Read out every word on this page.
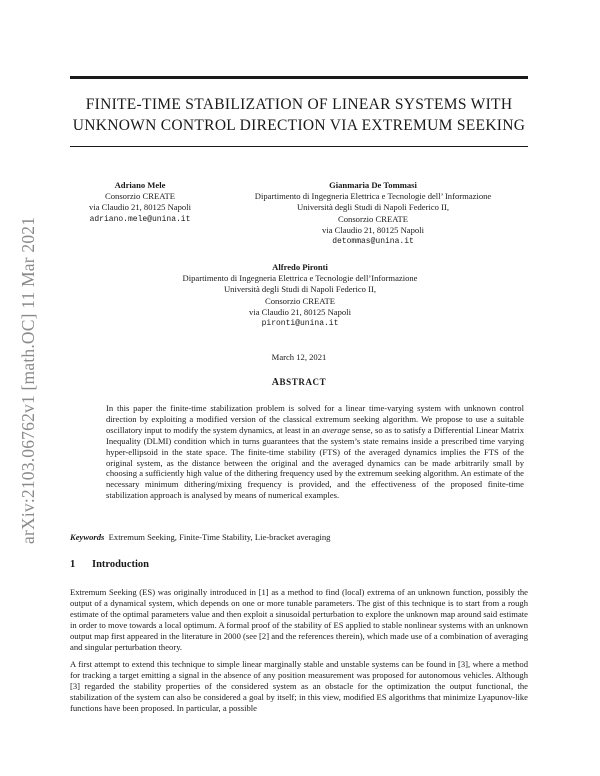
arXiv:2103.06762v1 [math.OC] 11 Mar 2021
FINITE-TIME STABILIZATION OF LINEAR SYSTEMS WITH
UNKNOWN CONTROL DIRECTION VIA EXTREMUM SEEKING
Adriano Mele
Consorzio CREATE
via Claudio 21, 80125 Napoli
adriano.mele@unina.it
Gianmaria De Tommasi
Dipartimento di Ingegneria Elettrica e Tecnologie dell’ Informazione
Università degli Studi di Napoli Federico II,
Consorzio CREATE
via Claudio 21, 80125 Napoli
detommas@unina.it
Alfredo Pironti
Dipartimento di Ingegneria Elettrica e Tecnologie dell’Informazione
Università degli Studi di Napoli Federico II,
Consorzio CREATE
via Claudio 21, 80125 Napoli
pironti@unina.it
March 12, 2021
ABSTRACT
In this paper the finite-time stabilization problem is solved for a linear time-varying system with unknown control direction by exploiting a modified version of the classical extremum seeking algorithm. We propose to use a suitable oscillatory input to modify the system dynamics, at least in an average sense, so as to satisfy a Differential Linear Matrix Inequality (DLMI) condition which in turns guarantees that the system’s state remains inside a prescribed time varying hyper-ellipsoid in the state space. The finite-time stability (FTS) of the averaged dynamics implies the FTS of the original system, as the distance between the original and the averaged dynamics can be made arbitrarily small by choosing a sufficiently high value of the dithering frequency used by the extremum seeking algorithm. An estimate of the necessary minimum dithering/mixing frequency is provided, and the effectiveness of the proposed finite-time stabilization approach is analysed by means of numerical examples.
Keywords Extremum Seeking, Finite-Time Stability, Lie-bracket averaging
1 Introduction
Extremum Seeking (ES) was originally introduced in [1] as a method to find (local) extrema of an unknown function, possibly the output of a dynamical system, which depends on one or more tunable parameters. The gist of this technique is to start from a rough estimate of the optimal parameters value and then exploit a sinusoidal perturbation to explore the unknown map around said estimate in order to move towards a local optimum. A formal proof of the stability of ES applied to stable nonlinear systems with an unknown output map first appeared in the literature in 2000 (see [2] and the references therein), which made use of a combination of averaging and singular perturbation theory.
A first attempt to extend this technique to simple linear marginally stable and unstable systems can be found in [3], where a method for tracking a target emitting a signal in the absence of any position measurement was proposed for autonomous vehicles. Although [3] regarded the stability properties of the considered system as an obstacle for the optimization the output functional, the stabilization of the system can also be considered a goal by itself; in this view, modified ES algorithms that minimize Lyapunov-like functions have been proposed. In particular, a possible
